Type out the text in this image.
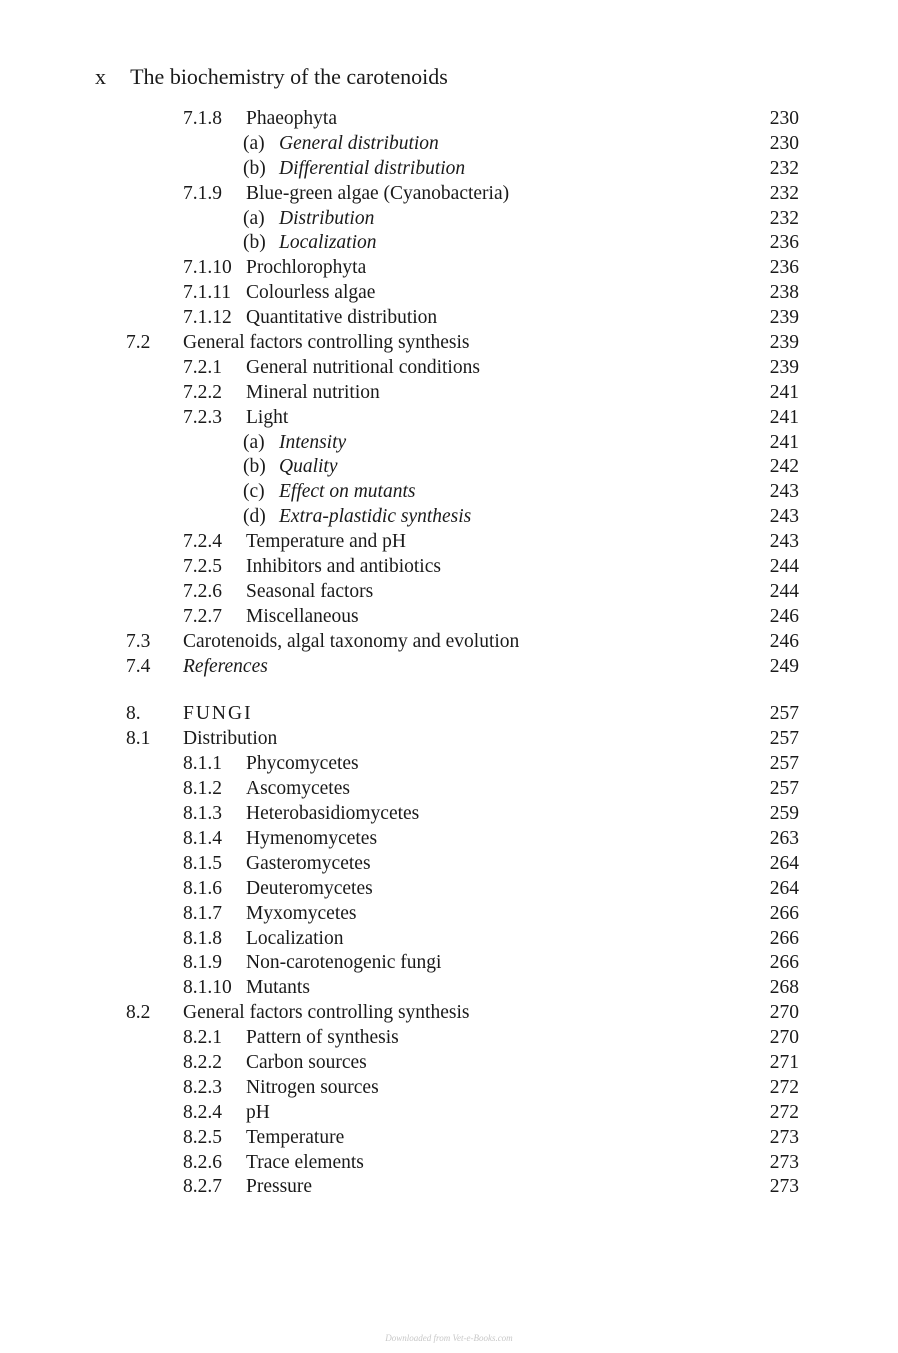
x The biochemistry of the carotenoids
7.1.8 Phaeophyta	230
(a) General distribution	230
(b) Differential distribution	232
7.1.9 Blue-green algae (Cyanobacteria)	232
(a) Distribution	232
(b) Localization	236
7.1.10 Prochlorophyta	236
7.1.11 Colourless algae	238
7.1.12 Quantitative distribution	239
7.2 General factors controlling synthesis	239
7.2.1 General nutritional conditions	239
7.2.2 Mineral nutrition	241
7.2.3 Light	241
(a) Intensity	241
(b) Quality	242
(c) Effect on mutants	243
(d) Extra-plastidic synthesis	243
7.2.4 Temperature and pH	243
7.2.5 Inhibitors and antibiotics	244
7.2.6 Seasonal factors	244
7.2.7 Miscellaneous	246
7.3 Carotenoids, algal taxonomy and evolution	246
7.4 References	249
8. FUNGI	257
8.1 Distribution	257
8.1.1 Phycomycetes	257
8.1.2 Ascomycetes	257
8.1.3 Heterobasidiomycetes	259
8.1.4 Hymenomycetes	263
8.1.5 Gasteromycetes	264
8.1.6 Deuteromycetes	264
8.1.7 Myxomycetes	266
8.1.8 Localization	266
8.1.9 Non-carotenogenic fungi	266
8.1.10 Mutants	268
8.2 General factors controlling synthesis	270
8.2.1 Pattern of synthesis	270
8.2.2 Carbon sources	271
8.2.3 Nitrogen sources	272
8.2.4 pH	272
8.2.5 Temperature	273
8.2.6 Trace elements	273
8.2.7 Pressure	273
Downloaded from Vet-e-Books.com
